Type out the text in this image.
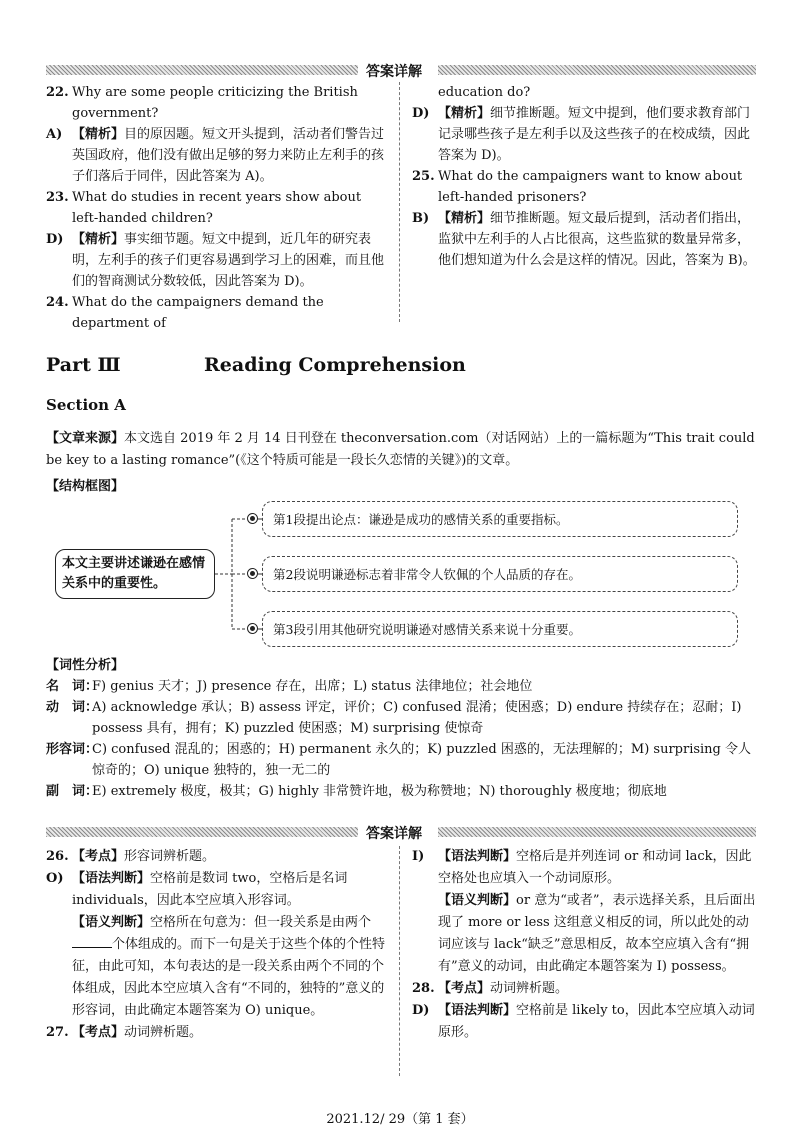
答案详解
22. Why are some people criticizing the British government?
A) 【精析】目的原因题。短文开头提到，活动者们警告过英国政府，他们没有做出足够的努力来防止左利手的孩子们落后于同伴，因此答案为 A)。
23. What do studies in recent years show about left-handed children?
D) 【精析】事实细节题。短文中提到，近几年的研究表明，左利手的孩子们更容易遇到学习上的困难，而且他们的智商测试分数较低，因此答案为 D)。
24. What do the campaigners demand the department of
education do?
D) 【精析】细节推断题。短文中提到，他们要求教育部门记录哪些孩子是左利手以及这些孩子的在校成绩，因此答案为 D)。
25. What do the campaigners want to know about left-handed prisoners?
B) 【精析】细节推断题。短文最后提到，活动者们指出，监狱中左利手的人占比很高，这些监狱的数量异常多，他们想知道为什么会是这样的情况。因此，答案为 B)。
Part Ⅲ	Reading Comprehension
Section A
【文章来源】本文选自 2019 年 2 月 14 日刊登在 theconversation.com（对话网站）上的一篇标题为“This trait could be key to a lasting romance”(《这个特质可能是一段长久恋情的关键》)的文章。
【结构框图】
本文主要讲述谦逊在感情关系中的重要性。
第1段提出论点：谦逊是成功的感情关系的重要指标。
第2段说明谦逊标志着非常令人钦佩的个人品质的存在。
第3段引用其他研究说明谦逊对感情关系来说十分重要。
【词性分析】
名　词：
F) genius 天才；J) presence 存在，出席；L) status 法律地位；社会地位
动　词：
A) acknowledge 承认；B) assess 评定，评价；C) confused 混淆；使困惑；D) endure 持续存在；忍耐；I) possess 具有，拥有；K) puzzled 使困惑；M) surprising 使惊奇
形容词：
C) confused 混乱的；困惑的；H) permanent 永久的；K) puzzled 困惑的，无法理解的；M) surprising 令人惊奇的；O) unique 独特的，独一无二的
副　词：
E) extremely 极度，极其；G) highly 非常赞许地，极为称赞地；N) thoroughly 极度地；彻底地
答案详解
26. 【考点】形容词辨析题。
O) 【语法判断】空格前是数词 two，空格后是名词 individuals，因此本空应填入形容词。
【语义判断】空格所在句意为：但一段关系是由两个个体组成的。而下一句是关于这些个体的个性特征，由此可知，本句表达的是一段关系由两个不同的个体组成，因此本空应填入含有“不同的，独特的”意义的形容词，由此确定本题答案为 O) unique。
27. 【考点】动词辨析题。
I) 【语法判断】空格后是并列连词 or 和动词 lack，因此空格处也应填入一个动词原形。
【语义判断】or 意为“或者”，表示选择关系，且后面出现了 more or less 这组意义相反的词，所以此处的动词应该与 lack“缺乏”意思相反，故本空应填入含有“拥有”意义的动词，由此确定本题答案为 I) possess。
28. 【考点】动词辨析题。
D) 【语法判断】空格前是 likely to，因此本空应填入动词原形。
2021.12/ 29（第 1 套）
